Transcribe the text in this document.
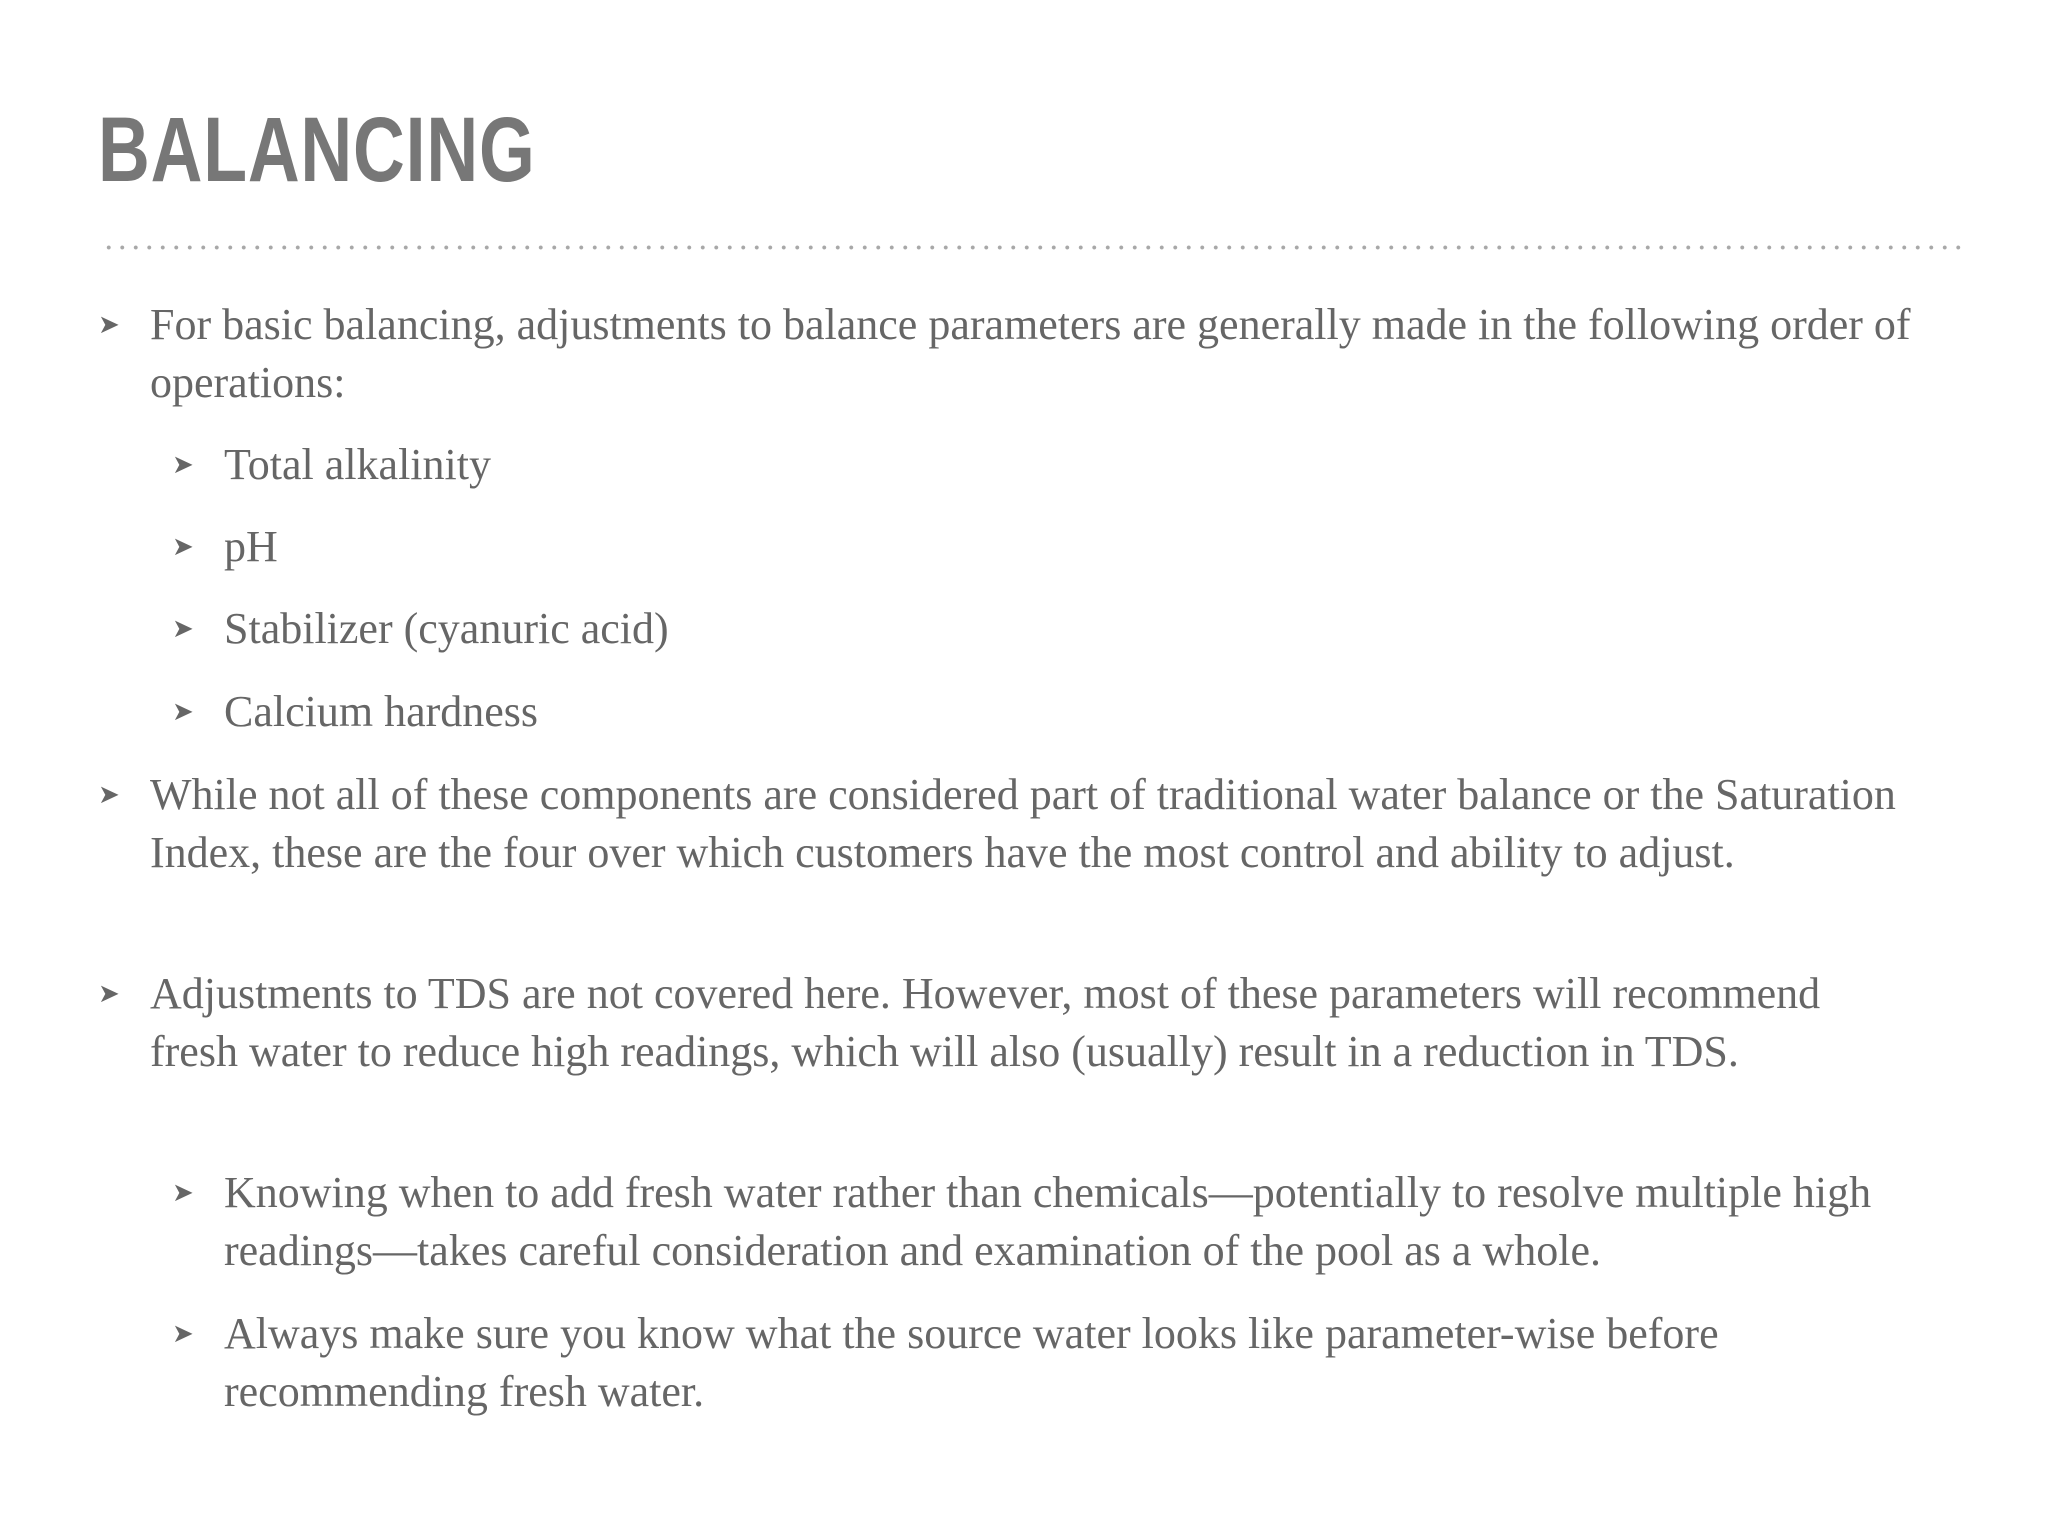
BALANCING
➤ For basic balancing, adjustments to balance parameters are generally made in the following order of operations:
➤ Total alkalinity
➤ pH
➤ Stabilizer (cyanuric acid)
➤ Calcium hardness
➤ While not all of these components are considered part of traditional water balance or the Saturation Index, these are the four over which customers have the most control and ability to adjust.
➤ Adjustments to TDS are not covered here. However, most of these parameters will recommend fresh water to reduce high readings, which will also (usually) result in a reduction in TDS.
➤ Knowing when to add fresh water rather than chemicals—potentially to resolve multiple high readings—takes careful consideration and examination of the pool as a whole.
➤ Always make sure you know what the source water looks like parameter-wise before recommending fresh water.
